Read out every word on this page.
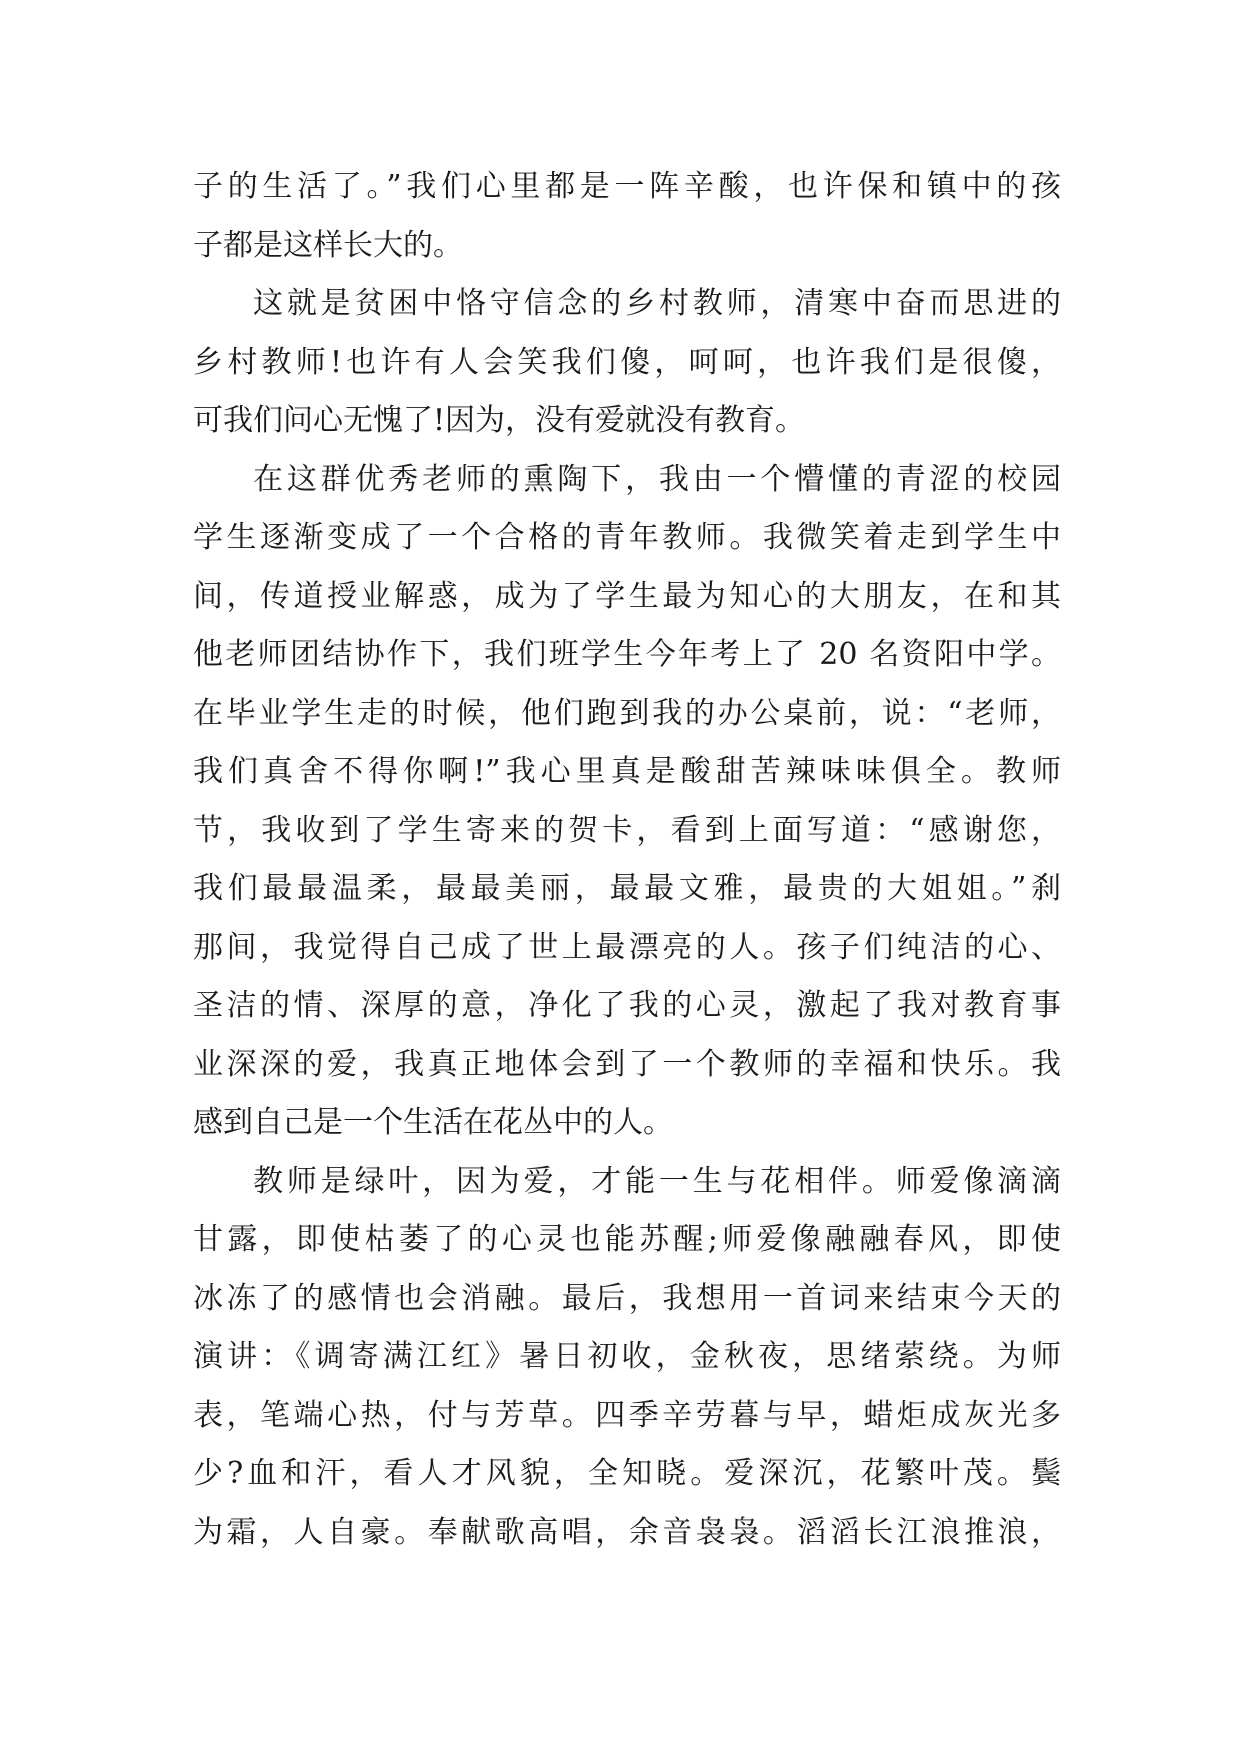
子的生活了。”我们心里都是一阵辛酸，也许保和镇中的孩
子都是这样长大的。
这就是贫困中恪守信念的乡村教师，清寒中奋而思进的
乡村教师!也许有人会笑我们傻，呵呵，也许我们是很傻，
可我们问心无愧了!因为，没有爱就没有教育。
在这群优秀老师的熏陶下，我由一个懵懂的青涩的校园
学生逐渐变成了一个合格的青年教师。我微笑着走到学生中
间，传道授业解惑，成为了学生最为知心的大朋友，在和其
他老师团结协作下，我们班学生今年考上了 20 名资阳中学。
在毕业学生走的时候，他们跑到我的办公桌前，说：“老师，
我们真舍不得你啊!”我心里真是酸甜苦辣味味俱全。教师
节，我收到了学生寄来的贺卡，看到上面写道：“感谢您，
我们最最温柔，最最美丽，最最文雅，最贵的大姐姐。”刹
那间，我觉得自己成了世上最漂亮的人。孩子们纯洁的心、
圣洁的情、深厚的意，净化了我的心灵，激起了我对教育事
业深深的爱，我真正地体会到了一个教师的幸福和快乐。我
感到自己是一个生活在花丛中的人。
教师是绿叶，因为爱，才能一生与花相伴。师爱像滴滴
甘露，即使枯萎了的心灵也能苏醒;师爱像融融春风，即使
冰冻了的感情也会消融。最后，我想用一首词来结束今天的
演讲：《调寄满江红》暑日初收，金秋夜，思绪萦绕。为师
表，笔端心热，付与芳草。四季辛劳暮与早，蜡炬成灰光多
少?血和汗，看人才风貌，全知晓。爱深沉，花繁叶茂。鬓
为霜，人自豪。奉献歌高唱，余音袅袅。滔滔长江浪推浪，
